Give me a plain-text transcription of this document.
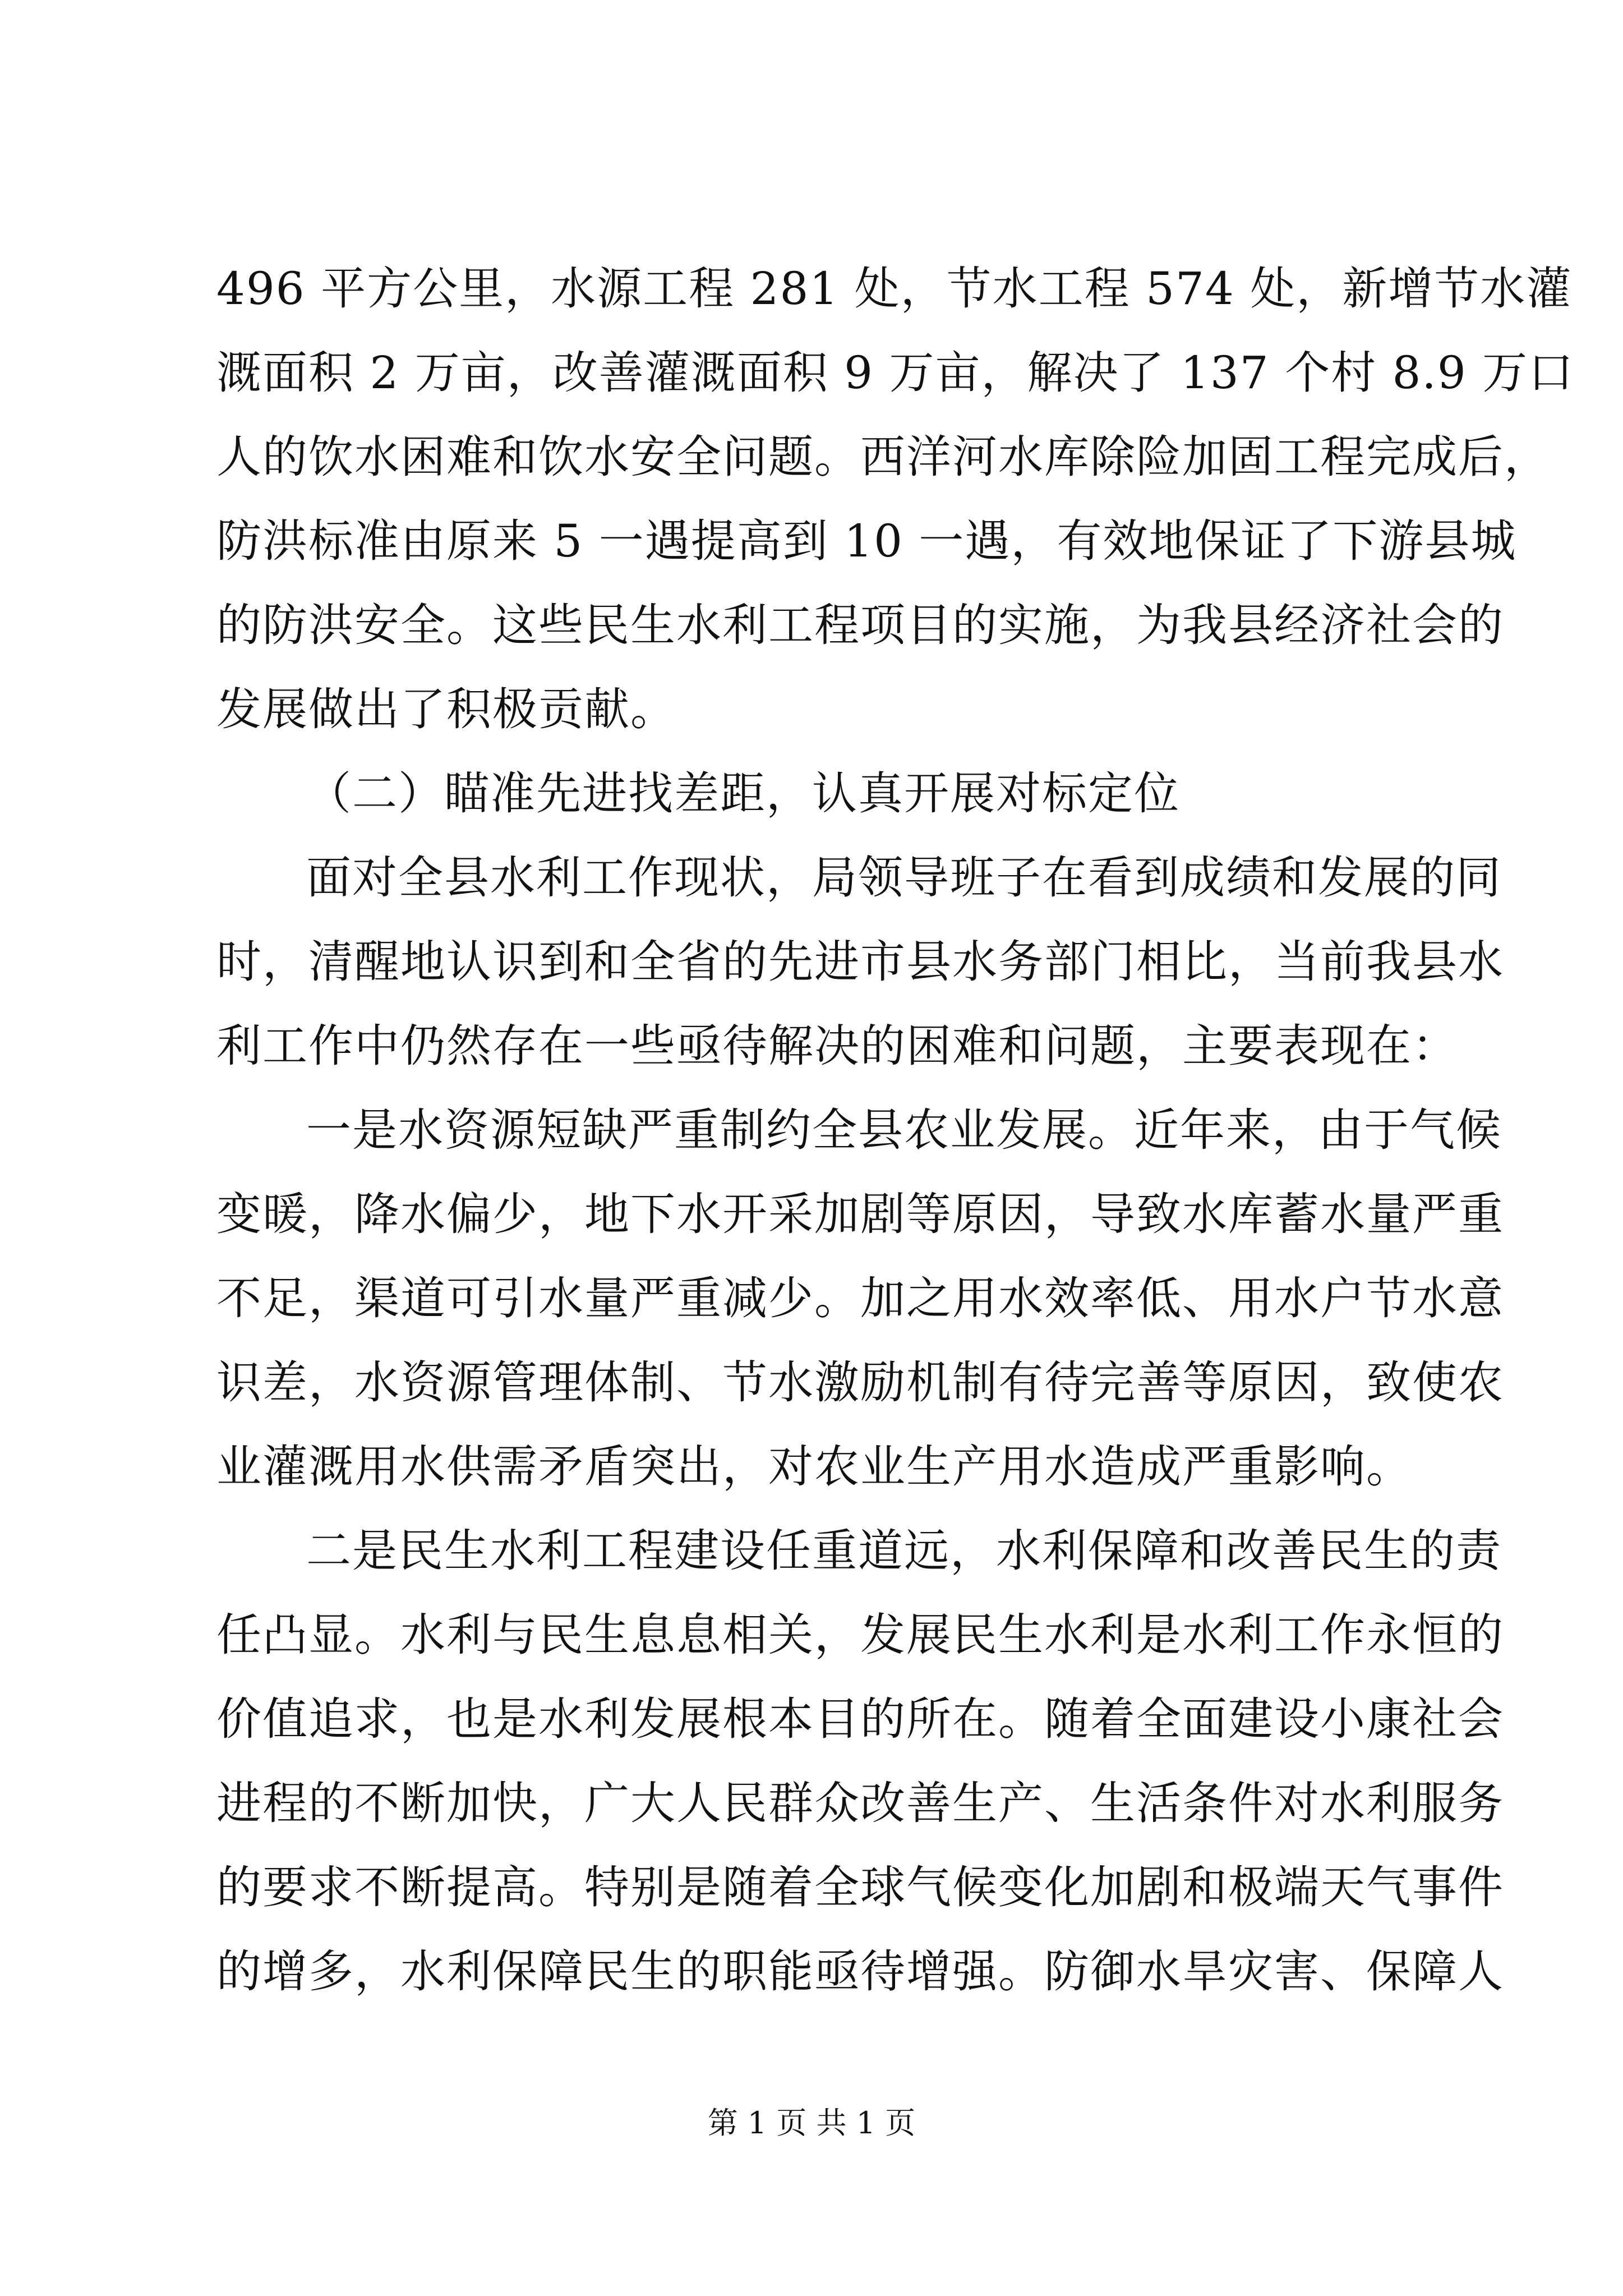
496 平方公里，水源工程 281 处，节水工程 574 处，新增节水灌
溉面积 2 万亩，改善灌溉面积 9 万亩，解决了 137 个村 8.9 万口
人的饮水困难和饮水安全问题。西洋河水库除险加固工程完成后，
防洪标准由原来 5 一遇提高到 10 一遇，有效地保证了下游县城
的防洪安全。这些民生水利工程项目的实施，为我县经济社会的
发展做出了积极贡献。
（二）瞄准先进找差距，认真开展对标定位
面对全县水利工作现状，局领导班子在看到成绩和发展的同
时，清醒地认识到和全省的先进市县水务部门相比，当前我县水
利工作中仍然存在一些亟待解决的困难和问题，主要表现在：
一是水资源短缺严重制约全县农业发展。近年来，由于气候
变暖，降水偏少，地下水开采加剧等原因，导致水库蓄水量严重
不足，渠道可引水量严重减少。加之用水效率低、用水户节水意
识差，水资源管理体制、节水激励机制有待完善等原因，致使农
业灌溉用水供需矛盾突出，对农业生产用水造成严重影响。
二是民生水利工程建设任重道远，水利保障和改善民生的责
任凸显。水利与民生息息相关，发展民生水利是水利工作永恒的
价值追求，也是水利发展根本目的所在。随着全面建设小康社会
进程的不断加快，广大人民群众改善生产、生活条件对水利服务
的要求不断提高。特别是随着全球气候变化加剧和极端天气事件
的增多，水利保障民生的职能亟待增强。防御水旱灾害、保障人
第 1 页 共 1 页
